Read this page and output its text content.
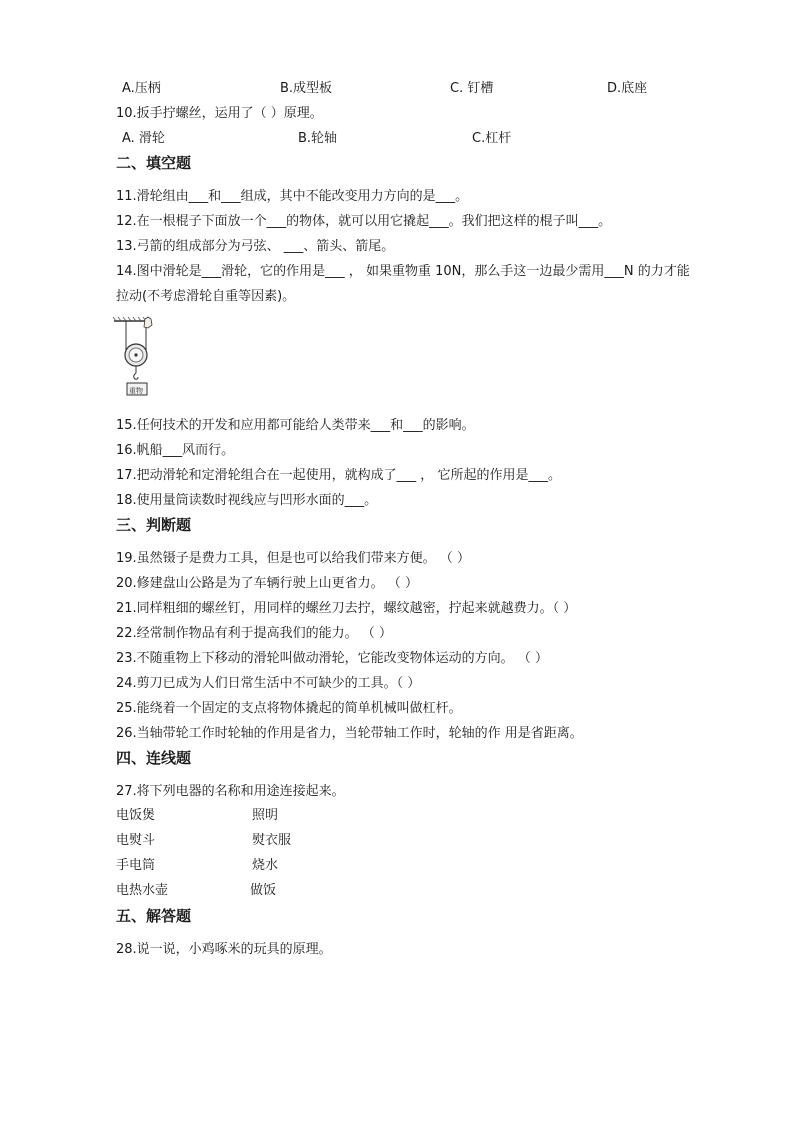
A.压柄	B.成型板	C. 钉槽	D.底座
10.扳手拧螺丝，运用了（ ）原理。
A. 滑轮	B.轮轴	C.杠杆
二、填空题
11.滑轮组由___和___组成，其中不能改变用力方向的是___。
12.在一根棍子下面放一个___的物体，就可以用它撬起___。我们把这样的棍子叫___。
13.弓箭的组成部分为弓弦、 ___、箭头、箭尾。
14.图中滑轮是___滑轮，它的作用是___ ， 如果重物重 10N，那么手这一边最少需用___N 的力才能
拉动(不考虑滑轮自重等因素)。
重物
15.任何技术的开发和应用都可能给人类带来___和___的影响。
16.帆船___风而行。
17.把动滑轮和定滑轮组合在一起使用，就构成了___ ， 它所起的作用是___。
18.使用量筒读数时视线应与凹形水面的___。
三、判断题
19.虽然镊子是费力工具，但是也可以给我们带来方便。 （ ）
20.修建盘山公路是为了车辆行驶上山更省力。 （ ）
21.同样粗细的螺丝钉，用同样的螺丝刀去拧，螺纹越密，拧起来就越费力。（ ）
22.经常制作物品有利于提高我们的能力。 （ ）
23.不随重物上下移动的滑轮叫做动滑轮，它能改变物体运动的方向。 （ ）
24.剪刀已成为人们日常生活中不可缺少的工具。（ ）
25.能绕着一个固定的支点将物体撬起的简单机械叫做杠杆。
26.当轴带轮工作时轮轴的作用是省力，当轮带轴工作时，轮轴的作 用是省距离。
四、连线题
27.将下列电器的名称和用途连接起来。
电饭煲	照明
电熨斗	熨衣服
手电筒	烧水
电热水壶	做饭
五、解答题
28.说一说，小鸡啄米的玩具的原理。
